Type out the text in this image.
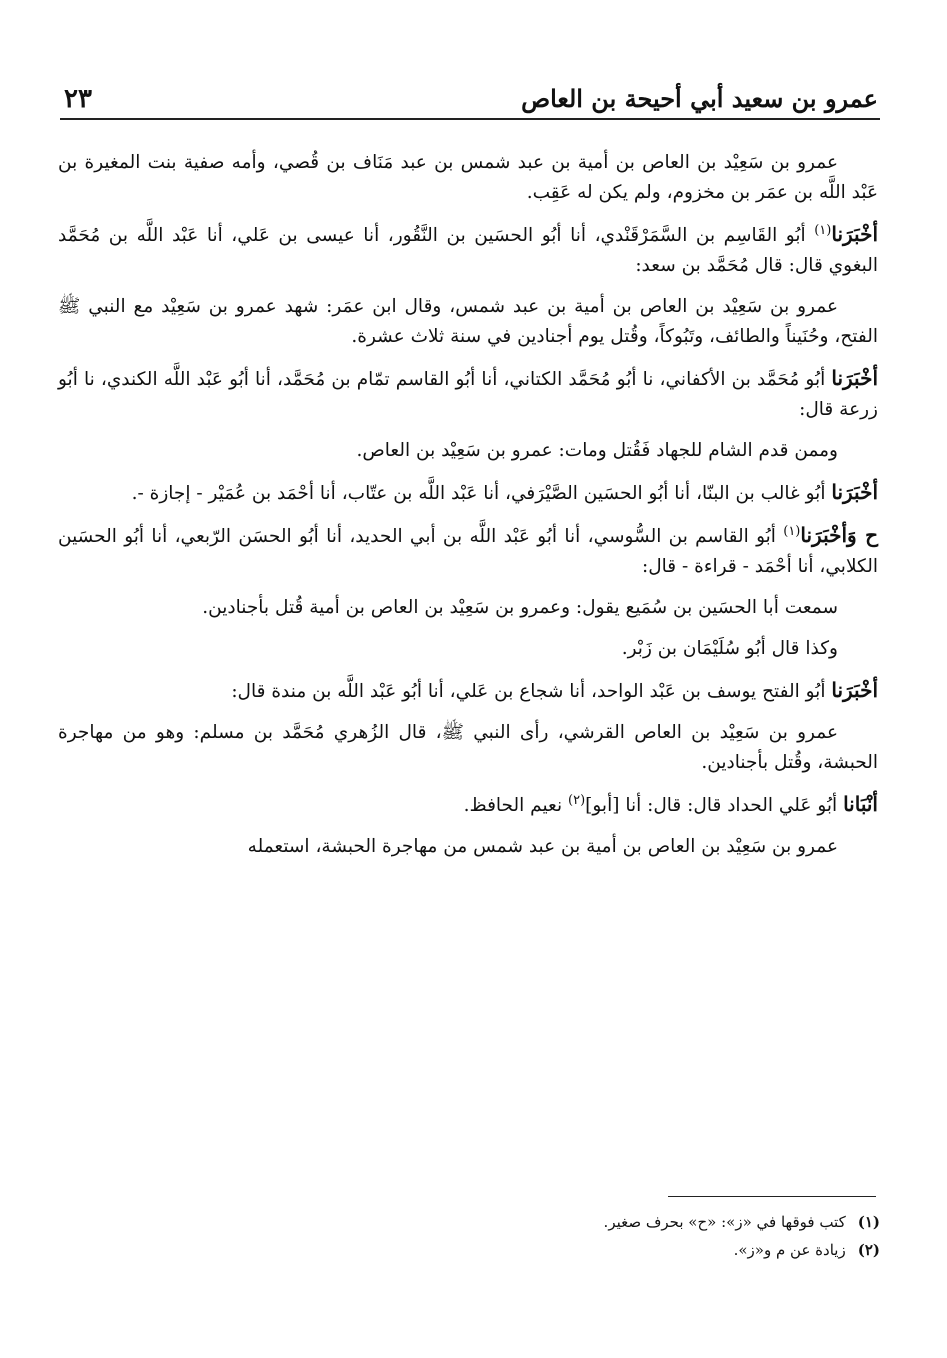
٢٣	عمرو بن سعيد أبي أحيحة بن العاص

عمرو بن سَعِيْد بن العاص بن أمية بن عبد شمس بن عبد مَنَاف بن قُصي، وأمه صفية بنت المغيرة بن عَبْد اللَّه بن عمَر بن مخزوم، ولم يكن له عَقِب.

أخْبَرَنا$^{(١)}$ أبُو القَاسِم بن السَّمَرْقَنْدي، أنا أبُو الحسَين بن النَّقُور، أنا عيسى بن عَلي، أنا عَبْد اللَّه بن مُحَمَّد البغوي قال: قال مُحَمَّد بن سعد:

عمرو بن سَعِيْد بن العاص بن أمية بن عبد شمس، وقال ابن عمَر: شهد عمرو بن سَعِيْد مع النبي ﷺ الفتح، وحُنَيناً والطائف، وتَبُوكاً، وقُتل يوم أجنادين في سنة ثلاث عشرة.

أخْبَرَنا أبُو مُحَمَّد بن الأكفاني، نا أبُو مُحَمَّد الكتاني، أنا أبُو القاسم تمّام بن مُحَمَّد، أنا أبُو عَبْد اللَّه الكندي، نا أبُو زرعة قال:

وممن قدم الشام للجهاد فَقُتل ومات: عمرو بن سَعِيْد بن العاص.

أخْبَرَنا أبُو غالب بن البنّا، أنا أبُو الحسَين الصَّيْرَفي، أنا عَبْد اللَّه بن عتّاب، أنا أحْمَد بن عُمَيْر - إجازة -.

ح وَأخْبَرَنا$^{(١)}$ أبُو القاسم بن السُّوسي، أنا أبُو عَبْد اللَّه بن أبي الحديد، أنا أبُو الحسَن الرّبعي، أنا أبُو الحسَين الكلابي، أنا أحْمَد - قراءة - قال:

سمعت أبا الحسَين بن سُمَيع يقول: وعمرو بن سَعِيْد بن العاص بن أمية قُتل بأجنادين.

وكذا قال أبُو سُلَيْمَان بن زَبْر.

أخْبَرَنا أبُو الفتح يوسف بن عَبْد الواحد، أنا شجاع بن عَلي، أنا أبُو عَبْد اللَّه بن مندة قال:

عمرو بن سَعِيْد بن العاص القرشي، رأى النبي ﷺ، قال الزُهري مُحَمَّد بن مسلم: وهو من مهاجرة الحبشة، وقُتل بأجنادين.

أنْبَانا أبُو عَلي الحداد قال: قال: أنا [أبو]$^{(٢)}$ نعيم الحافظ.

عمرو بن سَعِيْد بن العاص بن أمية بن عبد شمس من مهاجرة الحبشة، استعمله

(١)كتب فوقها في «ز»: «ح» بحرف صغير.
(٢)زيادة عن م و«ز».
